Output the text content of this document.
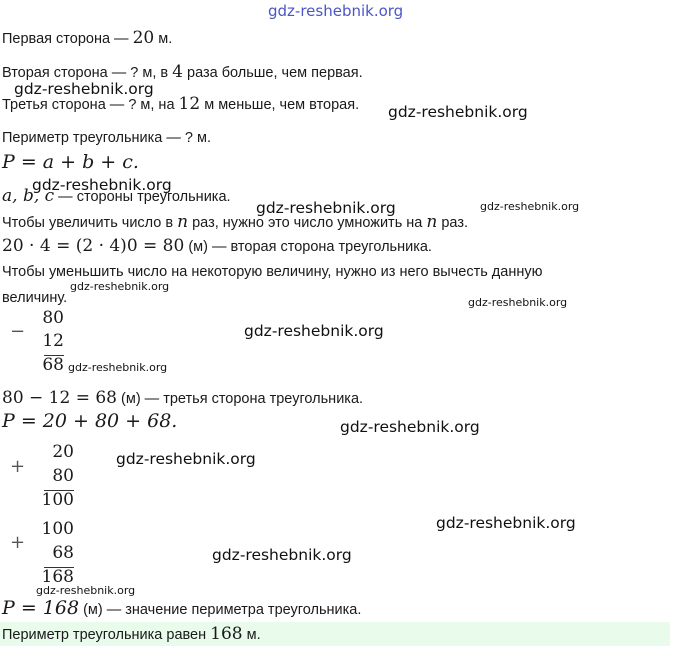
gdz-reshebnik.org
gdz-reshebnik.org
gdz-reshebnik.org
gdz-reshebnik.org
gdz-reshebnik.org	gdz-reshebnik.org
gdz-reshebnik.org
gdz-reshebnik.org
gdz-reshebnik.org
gdz-reshebnik.org
gdz-reshebnik.org
gdz-reshebnik.org
gdz-reshebnik.org
gdz-reshebnik.org
gdz-reshebnik.org
Первая сторона — 20 м.
Вторая сторона — ? м, в 4 раза больше, чем первая.
Третья сторона — ? м, на 12 м меньше, чем вторая.
Периметр треугольника — ? м.
P = a + b + c.
a, b, c — стороны треугольника.
Чтобы увеличить число в n раз, нужно это число умножить на n раз.
20 · 4 = (2 · 4)0 = 80 (м) — вторая сторона треугольника.
Чтобы уменьшить число на некоторую величину, нужно из него вычесть данную
величину.
−
80
12
68
80 − 12 = 68 (м) — третья сторона треугольника.
P = 20 + 80 + 68.
+
20
80
100
+
100
68
168
P = 168 (м) — значение периметра треугольника.
Периметр треугольника равен 168 м.
